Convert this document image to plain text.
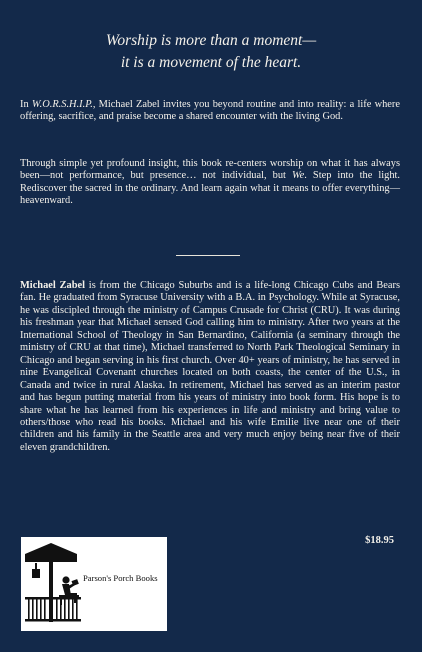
Worship is more than a moment—
it is a movement of the heart.
In W.O.R.S.H.I.P., Michael Zabel invites you beyond routine and into reality: a life where offering, sacrifice, and praise become a shared encounter with the living God.
Through simple yet profound insight, this book re-centers worship on what it has always been—not performance, but presence… not individual, but We. Step into the light. Rediscover the sacred in the ordinary. And learn again what it means to offer everything—heavenward.
Michael Zabel is from the Chicago Suburbs and is a life-long Chicago Cubs and Bears fan. He graduated from Syracuse University with a B.A. in Psychology. While at Syracuse, he was discipled through the ministry of Campus Crusade for Christ (CRU). It was during his freshman year that Michael sensed God calling him to ministry. After two years at the International School of Theology in San Bernardino, California (a seminary through the ministry of CRU at that time), Michael transferred to North Park Theological Seminary in Chicago and began serving in his first church. Over 40+ years of ministry, he has served in nine Evangelical Covenant churches located on both coasts, the center of the U.S., in Canada and twice in rural Alaska. In retirement, Michael has served as an interim pastor and has begun putting material from his years of ministry into book form. His hope is to share what he has learned from his experiences in life and ministry and bring value to others/those who read his books. Michael and his wife Emilie live near one of their children and his family in the Seattle area and very much enjoy being near five of their eleven grandchildren.
$18.95
Parson's Porch Books
